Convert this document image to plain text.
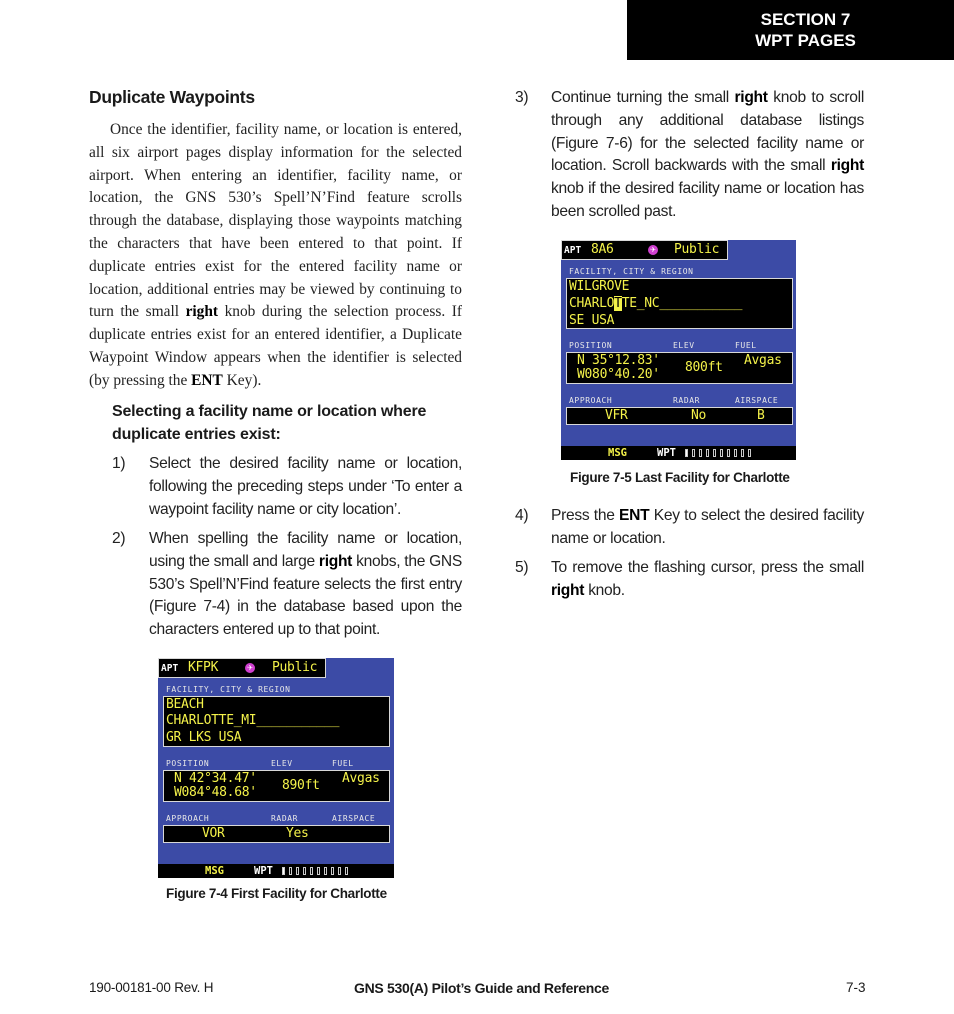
SECTION 7
WPT PAGES
Duplicate Waypoints

Once the identifier, facility name, or location is entered, all six airport pages display information for the selected airport. When entering an identifier, facility name, or location, the GNS 530’s Spell’N’Find feature scrolls through the database, displaying those waypoints matching the characters that have been entered to that point. If duplicate entries exist for the entered facility name or location, additional entries may be viewed by continuing to turn the small right knob during the selection process. If duplicate entries exist for an entered identifier, a Duplicate Waypoint Window appears when the identifier is selected (by pressing the ENT Key).

Selecting a facility name or location where duplicate entries exist:
1) Select the desired facility name or location, following the preceding steps under ‘To enter a waypoint facility name or city location’.
2) When spelling the facility name or location, using the small and large right knobs, the GNS 530’s Spell’N’Find feature selects the first entry (Figure 7-4) in the database based upon the characters entered up to that point.
APT KFPK	✈ Public
FACILITY, CITY & REGION
BEACH
CHARLOTTE_MI___________
GR LKS USA
POSITION	ELEV	FUEL
N 42°34.47'
W084°48.68' 890ft Avgas
APPROACH	RADAR	AIRSPACE
VOR	Yes
MSG	WPT
Figure 7-4 First Facility for Charlotte
3) Continue turning the small right knob to scroll through any additional database listings (Figure 7-6) for the selected facility name or location. Scroll backwards with the small right knob if the desired facility name or location has been scrolled past.
APT 8A6	✈ Public
FACILITY, CITY & REGION
WILGROVE
CHARLOTTE_NC___________
SE USA
POSITION	ELEV	FUEL
N 35°12.83'
W080°40.20' 800ft Avgas
APPROACH	RADAR	AIRSPACE
VFR	No	B
MSG	WPT
Figure 7-5 Last Facility for Charlotte
4) Press the ENT Key to select the desired facility name or location.
5) To remove the flashing cursor, press the small right knob.
190-00181-00 Rev. H	GNS 530(A) Pilot’s Guide and Reference	7-3
